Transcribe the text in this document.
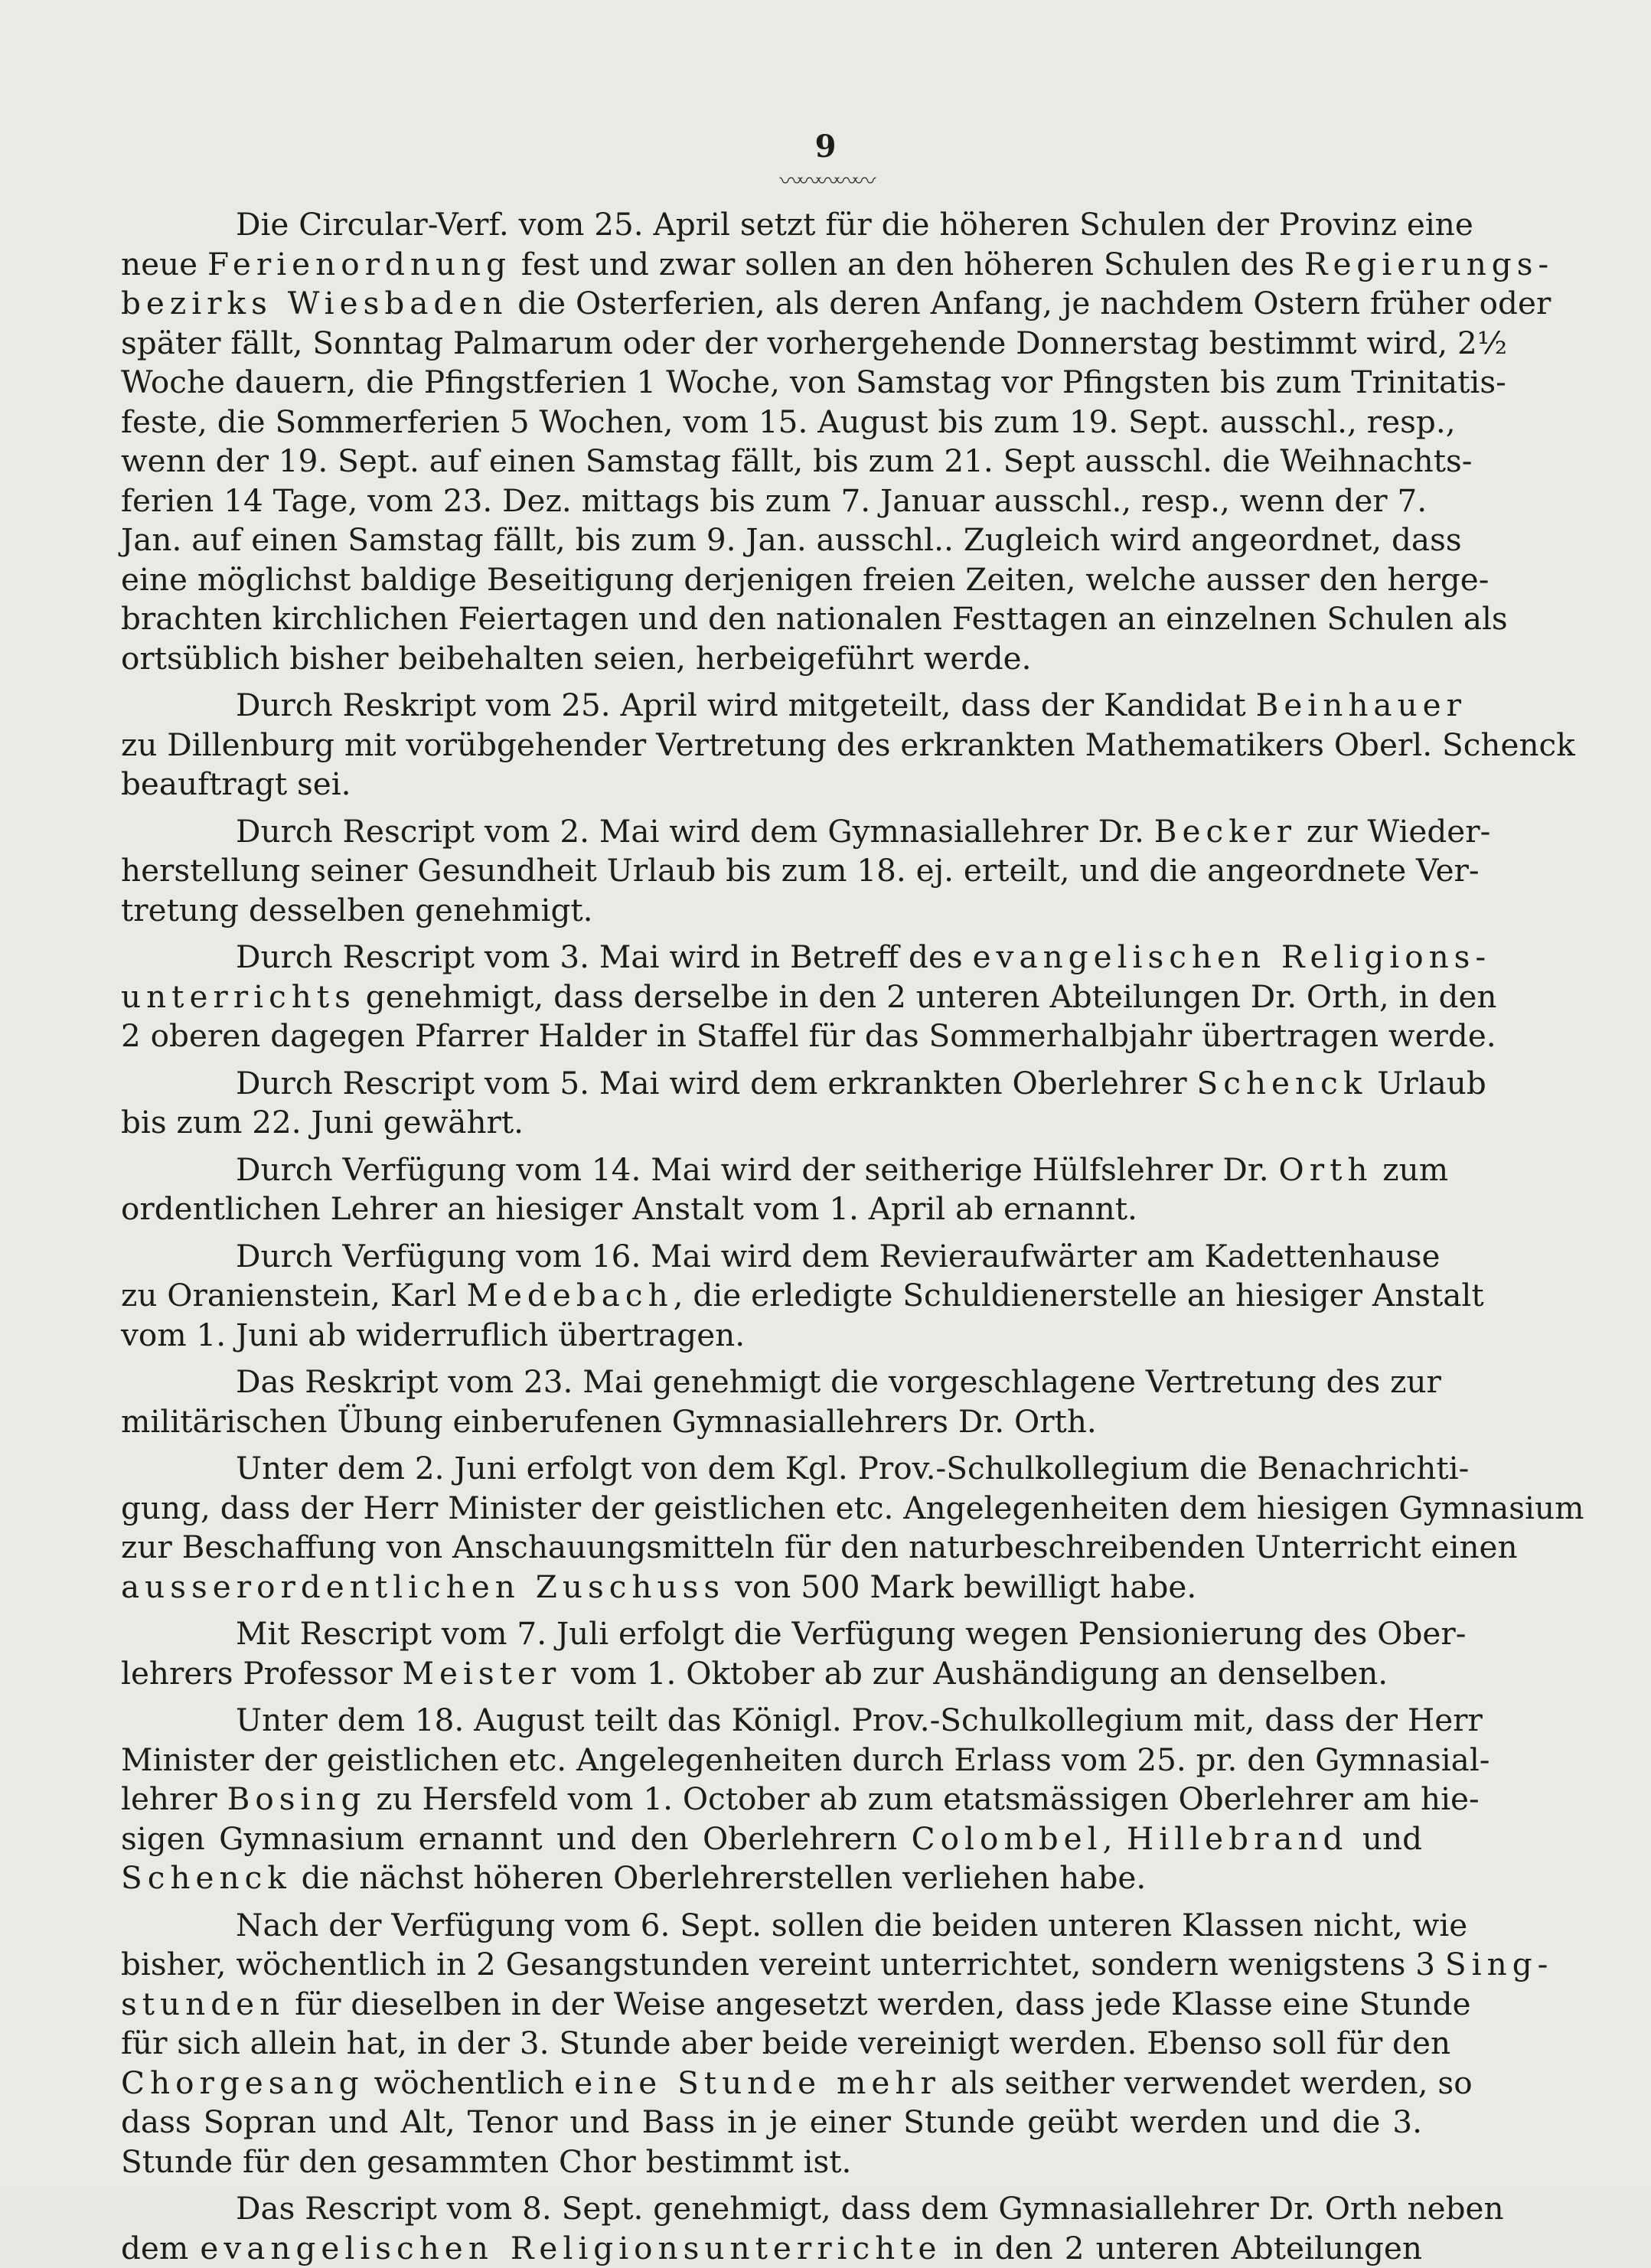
9
〰〰〰〰〰
Die Circular-Verf. vom 25. April setzt für die höheren Schulen der Provinz eine
neue Ferienordnung fest und zwar sollen an den höheren Schulen des Regierungs-
bezirks Wiesbaden die Osterferien, als deren Anfang, je nachdem Ostern früher oder
später fällt, Sonntag Palmarum oder der vorhergehende Donnerstag bestimmt wird, 2½
Woche dauern, die Pfingstferien 1 Woche, von Samstag vor Pfingsten bis zum Trinitatis-
feste, die Sommerferien 5 Wochen, vom 15. August bis zum 19. Sept. ausschl., resp.,
wenn der 19. Sept. auf einen Samstag fällt, bis zum 21. Sept ausschl. die Weihnachts-
ferien 14 Tage, vom 23. Dez. mittags bis zum 7. Januar ausschl., resp., wenn der 7.
Jan. auf einen Samstag fällt, bis zum 9. Jan. ausschl.. Zugleich wird angeordnet, dass
eine möglichst baldige Beseitigung derjenigen freien Zeiten, welche ausser den herge-
brachten kirchlichen Feiertagen und den nationalen Festtagen an einzelnen Schulen als
ortsüblich bisher beibehalten seien, herbeigeführt werde.
Durch Reskript vom 25. April wird mitgeteilt, dass der Kandidat Beinhauer
zu Dillenburg mit vorübgehender Vertretung des erkrankten Mathematikers Oberl. Schenck
beauftragt sei.
Durch Rescript vom 2. Mai wird dem Gymnasiallehrer Dr. Becker zur Wieder-
herstellung seiner Gesundheit Urlaub bis zum 18. ej. erteilt, und die angeordnete Ver-
tretung desselben genehmigt.
Durch Rescript vom 3. Mai wird in Betreff des evangelischen Religions-
unterrichts genehmigt, dass derselbe in den 2 unteren Abteilungen Dr. Orth, in den
2 oberen dagegen Pfarrer Halder in Staffel für das Sommerhalbjahr übertragen werde.
Durch Rescript vom 5. Mai wird dem erkrankten Oberlehrer Schenck Urlaub
bis zum 22. Juni gewährt.
Durch Verfügung vom 14. Mai wird der seitherige Hülfslehrer Dr. Orth zum
ordentlichen Lehrer an hiesiger Anstalt vom 1. April ab ernannt.
Durch Verfügung vom 16. Mai wird dem Revieraufwärter am Kadettenhause
zu Oranienstein, Karl Medebach, die erledigte Schuldienerstelle an hiesiger Anstalt
vom 1. Juni ab widerruflich übertragen.
Das Reskript vom 23. Mai genehmigt die vorgeschlagene Vertretung des zur
militärischen Übung einberufenen Gymnasiallehrers Dr. Orth.
Unter dem 2. Juni erfolgt von dem Kgl. Prov.-Schulkollegium die Benachrichti-
gung, dass der Herr Minister der geistlichen etc. Angelegenheiten dem hiesigen Gymnasium
zur Beschaffung von Anschauungsmitteln für den naturbeschreibenden Unterricht einen
ausserordentlichen Zuschuss von 500 Mark bewilligt habe.
Mit Rescript vom 7. Juli erfolgt die Verfügung wegen Pensionierung des Ober-
lehrers Professor Meister vom 1. Oktober ab zur Aushändigung an denselben.
Unter dem 18. August teilt das Königl. Prov.-Schulkollegium mit, dass der Herr
Minister der geistlichen etc. Angelegenheiten durch Erlass vom 25. pr. den Gymnasial-
lehrer Bosing zu Hersfeld vom 1. October ab zum etatsmässigen Oberlehrer am hie-
sigen Gymnasium ernannt und den Oberlehrern Colombel, Hillebrand und
Schenck die nächst höheren Oberlehrerstellen verliehen habe.
Nach der Verfügung vom 6. Sept. sollen die beiden unteren Klassen nicht, wie
bisher, wöchentlich in 2 Gesangstunden vereint unterrichtet, sondern wenigstens 3 Sing-
stunden für dieselben in der Weise angesetzt werden, dass jede Klasse eine Stunde
für sich allein hat, in der 3. Stunde aber beide vereinigt werden. Ebenso soll für den
Chorgesang wöchentlich eine Stunde mehr als seither verwendet werden, so
dass Sopran und Alt, Tenor und Bass in je einer Stunde geübt werden und die 3.
Stunde für den gesammten Chor bestimmt ist.
Das Rescript vom 8. Sept. genehmigt, dass dem Gymnasiallehrer Dr. Orth neben
dem evangelischen Religionsunterrichte in den 2 unteren Abteilungen
